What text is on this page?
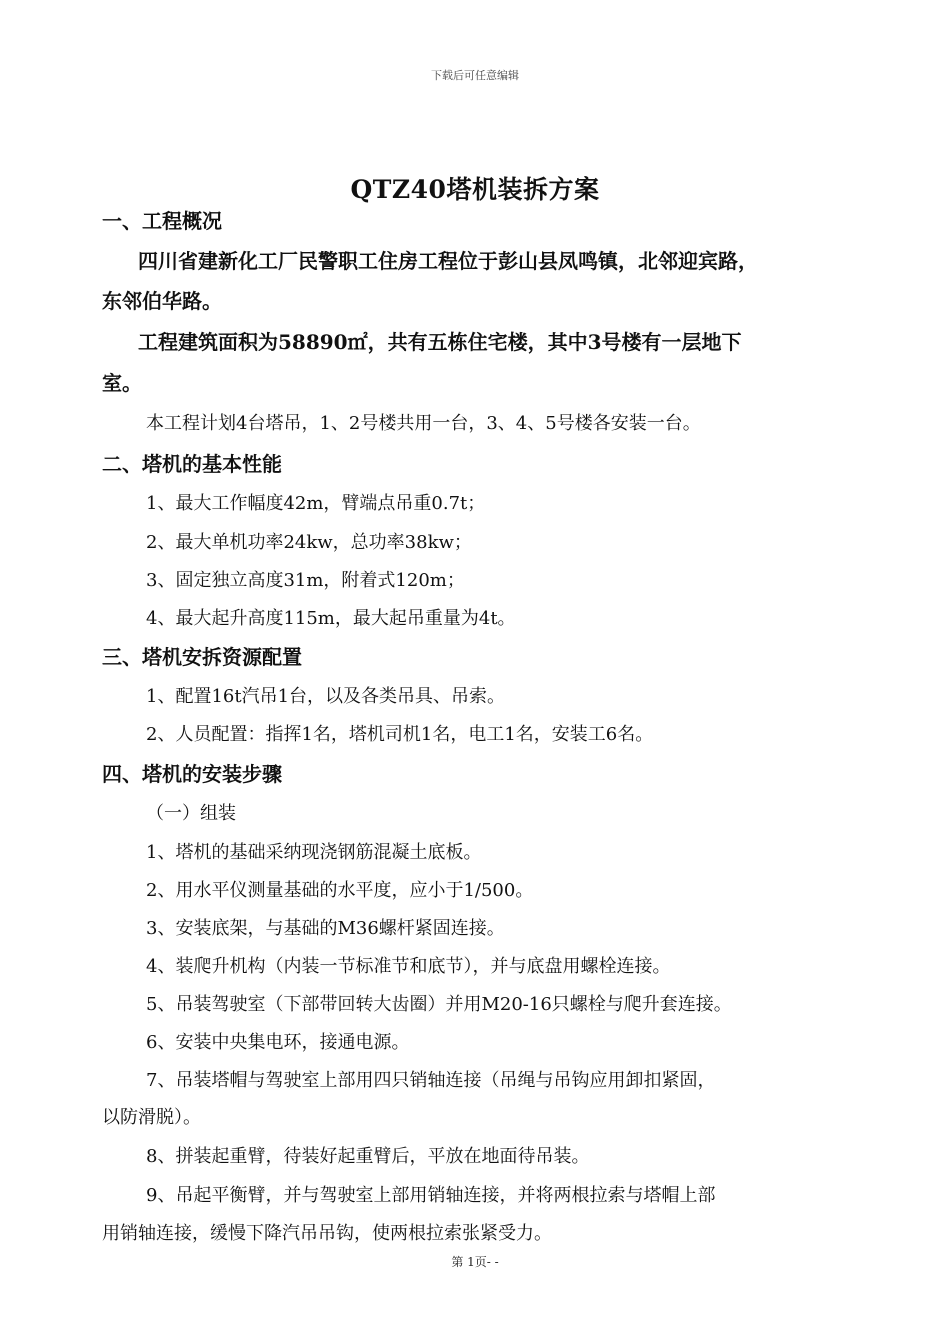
下载后可任意编辑
QTZ40塔机装拆方案
一、工程概况
四川省建新化工厂民警职工住房工程位于彭山县凤鸣镇，北邻迎宾路，
东邻伯华路。
工程建筑面积为58890㎡，共有五栋住宅楼，其中3号楼有一层地下
室。
本工程计划4台塔吊，1、2号楼共用一台，3、4、5号楼各安装一台。
二、塔机的基本性能
1、最大工作幅度42m，臂端点吊重0.7t；
2、最大单机功率24kw，总功率38kw；
3、固定独立高度31m，附着式120m；
4、最大起升高度115m，最大起吊重量为4t。
三、塔机安拆资源配置
1、配置16t汽吊1台，以及各类吊具、吊索。
2、人员配置：指挥1名，塔机司机1名，电工1名，安装工6名。
四、塔机的安装步骤
（一）组装
1、塔机的基础采纳现浇钢筋混凝土底板。
2、用水平仪测量基础的水平度，应小于1/500。
3、安装底架，与基础的M36螺杆紧固连接。
4、装爬升机构（内装一节标准节和底节），并与底盘用螺栓连接。
5、吊装驾驶室（下部带回转大齿圈）并用M20-16只螺栓与爬升套连接。
6、安装中央集电环，接通电源。
7、吊装塔帽与驾驶室上部用四只销轴连接（吊绳与吊钩应用卸扣紧固，
以防滑脱）。
8、拼装起重臂，待装好起重臂后，平放在地面待吊装。
9、吊起平衡臂，并与驾驶室上部用销轴连接，并将两根拉索与塔帽上部
用销轴连接，缓慢下降汽吊吊钩，使两根拉索张紧受力。
第 1页- -
